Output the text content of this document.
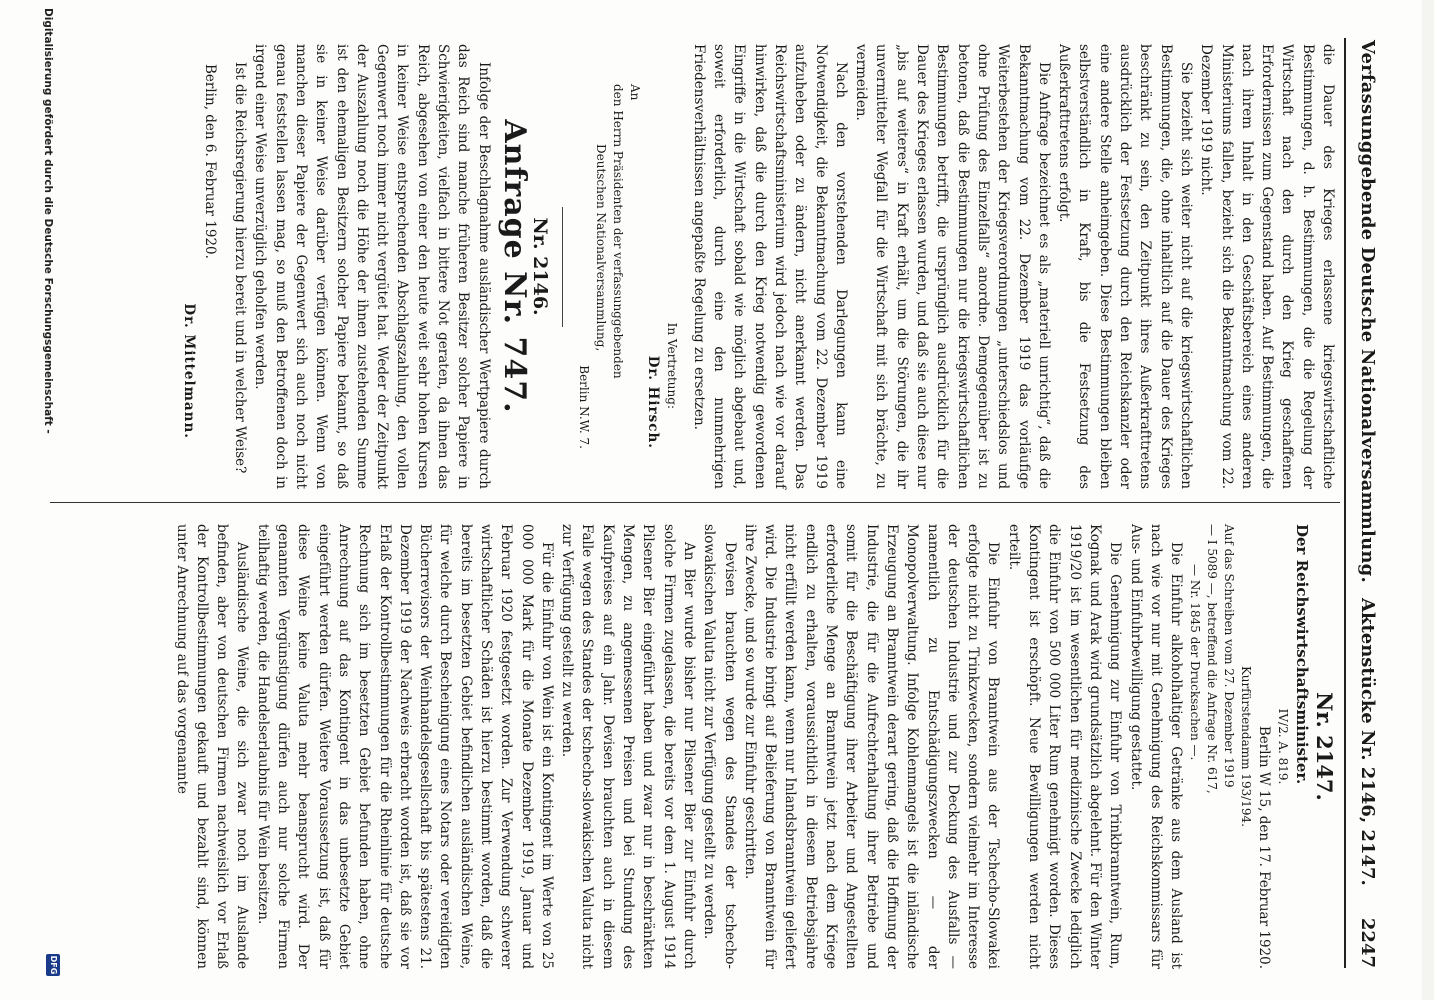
Verfassunggebende Deutsche Nationalversammlung.
Aktenstücke Nr. 2146, 2147.
2247

die Dauer des Krieges erlassene kriegswirtschaftliche Bestimmungen, d. h. Bestimmungen, die die Regelung der Wirtschaft nach den durch den Krieg geschaffenen Erfordernissen zum Gegenstand haben. Auf Bestimmungen, die nach ihrem Inhalt in den Geschäftsbereich eines anderen Ministeriums fallen, bezieht sich die Bekanntmachung vom 22. Dezember 1919 nicht.

Sie bezieht sich weiter nicht auf die kriegswirtschaftlichen Bestimmungen, die, ohne inhaltlich auf die Dauer des Krieges beschränkt zu sein, den Zeitpunkt ihres Außerkrafttretens ausdrücklich der Festsetzung durch den Reichskanzler oder eine andere Stelle anheimgeben. Diese Bestimmungen bleiben selbstverständlich in Kraft, bis die Festsetzung des Außerkrafttretens erfolgt.

Die Anfrage bezeichnet es als „materiell unrichtig“, daß die Bekanntmachung vom 22. Dezember 1919 das vorläufige Weiterbestehen der Kriegsverordnungen „unterschiedslos und ohne Prüfung des Einzelfalls“ anordne. Demgegenüber ist zu betonen, daß die Bestimmungen nur die kriegswirtschaftlichen Bestimmungen betrifft, die ursprünglich ausdrücklich für die Dauer des Krieges erlassen wurden, und daß sie auch diese nur „bis auf weiteres“ in Kraft erhält, um die Störungen, die ihr unvermittelter Wegfall für die Wirtschaft mit sich brächte, zu vermeiden.

Nach den vorstehenden Darlegungen kann eine Notwendigkeit, die Bekanntmachung vom 22. Dezember 1919 aufzuheben oder zu ändern, nicht anerkannt werden. Das Reichswirtschaftsministerium wird jedoch nach wie vor darauf hinwirken, daß die durch den Krieg notwendig gewordenen Eingriffe in die Wirtschaft sobald wie möglich abgebaut und, soweit erforderlich, durch eine den nunmehrigen Friedensverhältnissen angepaßte Regelung zu ersetzen.

In Vertretung:

Dr. Hirsch.

An

den Herrn Präsidenten der verfassunggebenden

Deutschen Nationalversammlung,

Berlin N.W. 7.

Nr. 2146.
Anfrage Nr. 747.

Infolge der Beschlagnahme ausländischer Wertpapiere durch das Reich sind manche früheren Besitzer solcher Papiere in Schwierigkeiten, vielfach in bittere Not geraten, da ihnen das Reich, abgesehen von einer den heute weit sehr hohen Kursen in keiner Weise entsprechenden Abschlagszahlung, den vollen Gegenwert noch immer nicht vergütet hat. Weder der Zeitpunkt der Auszahlung noch die Höhe der ihnen zustehenden Summe ist den ehemaligen Besitzern solcher Papiere bekannt, so daß sie in keiner Weise darüber verfügen können. Wenn von manchen dieser Papiere der Gegenwert sich auch noch nicht genau feststellen lassen mag, so muß den Betroffenen doch in irgend einer Weise unverzüglich geholfen werden.

Ist die Reichsregierung hierzu bereit und in welcher Weise?

Berlin, den 6. Februar 1920.

Dr. Mittelmann.

Nr. 2147.

Der Reichswirtschaftsminister.

IV/2. A. 819.

Berlin W 15, den 17. Februar 1920.

Kurfürstendamm 193/194.

Auf das Schreiben vom 27. Dezember 1919

— I 5089 —, betreffend die Anfrage Nr. 617,

— Nr. 1845 der Drucksachen —.

Die Einfuhr alkoholhaltiger Getränke aus dem Ausland ist nach wie vor nur mit Genehmigung des Reichskommissars für Aus- und Einfuhrbewilligung gestattet.

Die Genehmigung zur Einfuhr von Trinkbranntwein, Rum, Kognak und Arak wird grundsätzlich abgelehnt. Für den Winter 1919/20 ist im wesentlichen für medizinische Zwecke lediglich die Einfuhr von 500 000 Liter Rum genehmigt worden. Dieses Kontingent ist erschöpft. Neue Bewilligungen werden nicht erteilt.

Die Einfuhr von Branntwein aus der Tschecho-Slowakei erfolgte nicht zu Trinkzwecken, sondern vielmehr im Interesse der deutschen Industrie und zur Deckung des Ausfalls — namentlich zu Entschädigungszwecken — der Monopolverwaltung. Infolge Kohlenmangels ist die inländische Erzeugung an Branntwein derart gering, daß die Hoffnung der Industrie, die für die Aufrechterhaltung ihrer Betriebe und somit für die Beschäftigung ihrer Arbeiter und Angestellten erforderliche Menge an Branntwein jetzt nach dem Kriege endlich zu erhalten, voraussichtlich in diesem Betriebsjahre nicht erfüllt werden kann, wenn nur Inlandsbranntwein geliefert wird. Die Industrie bringt auf Belieferung von Branntwein für ihre Zwecke, und so wurde zur Einfuhr geschritten.

Devisen brauchten wegen des Standes der tschecho-slowakischen Valuta nicht zur Verfügung gestellt zu werden.

An Bier wurde bisher nur Pilsener Bier zur Einfuhr durch solche Firmen zugelassen, die bereits vor dem 1. August 1914 Pilsener Bier eingeführt haben und zwar nur in beschränkten Mengen, zu angemessenen Preisen und bei Stundung des Kaufpreises auf ein Jahr. Devisen brauchten auch in diesem Falle wegen des Standes der tschecho-slowakischen Valuta nicht zur Verfügung gestellt zu werden.

Für die Einfuhr von Wein ist ein Kontingent im Werte von 25 000 000 Mark für die Monate Dezember 1919, Januar und Februar 1920 festgesetzt worden. Zur Verwendung schwerer wirtschaftlicher Schäden ist hierzu bestimmt worden, daß die bereits im besetzten Gebiet befindlichen ausländischen Weine, für welche durch Bescheinigung eines Notars oder vereidigten Bücherrevisors der Weinhandelsgesellschaft bis spätestens 21. Dezember 1919 der Nachweis erbracht worden ist, daß sie vor Erlaß der Kontrollbestimmungen für die Rheinlinie für deutsche Rechnung sich im besetzten Gebiet befunden haben, ohne Anrechnung auf das Kontingent in das unbesetzte Gebiet eingeführt werden dürfen. Weitere Voraussetzung ist, daß für diese Weine keine Valuta mehr beansprucht wird. Der genannten Vergünstigung dürfen auch nur solche Firmen teilhaftig werden, die Handelserlaubnis für Wein besitzen.

Ausländische Weine, die sich zwar noch im Auslande befinden, aber von deutschen Firmen nachweislich vor Erlaß der Kontrollbestimmungen gekauft und bezahlt sind, können unter Anrechnung auf das vorgenannte

Digitalisierung gefördert durch die Deutsche Forschungsgemeinschaft -
DFG
